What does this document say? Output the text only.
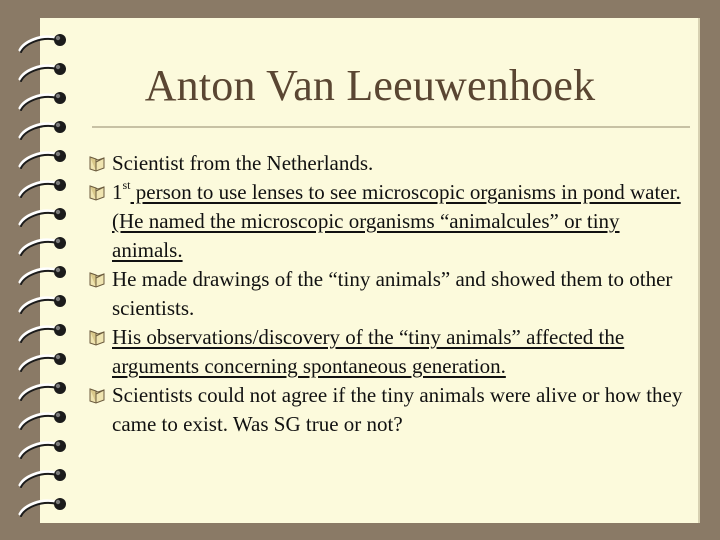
Anton Van Leeuwenhoek
Scientist from the Netherlands.
1st person to use lenses to see microscopic organisms in pond water. (He named the microscopic organisms “animalcules” or tiny animals.
He made drawings of the “tiny animals” and showed them to other scientists.
His observations/discovery of the “tiny animals” affected the arguments concerning spontaneous generation.
Scientists could not agree if the tiny animals were alive or how they came to exist. Was SG true or not?
